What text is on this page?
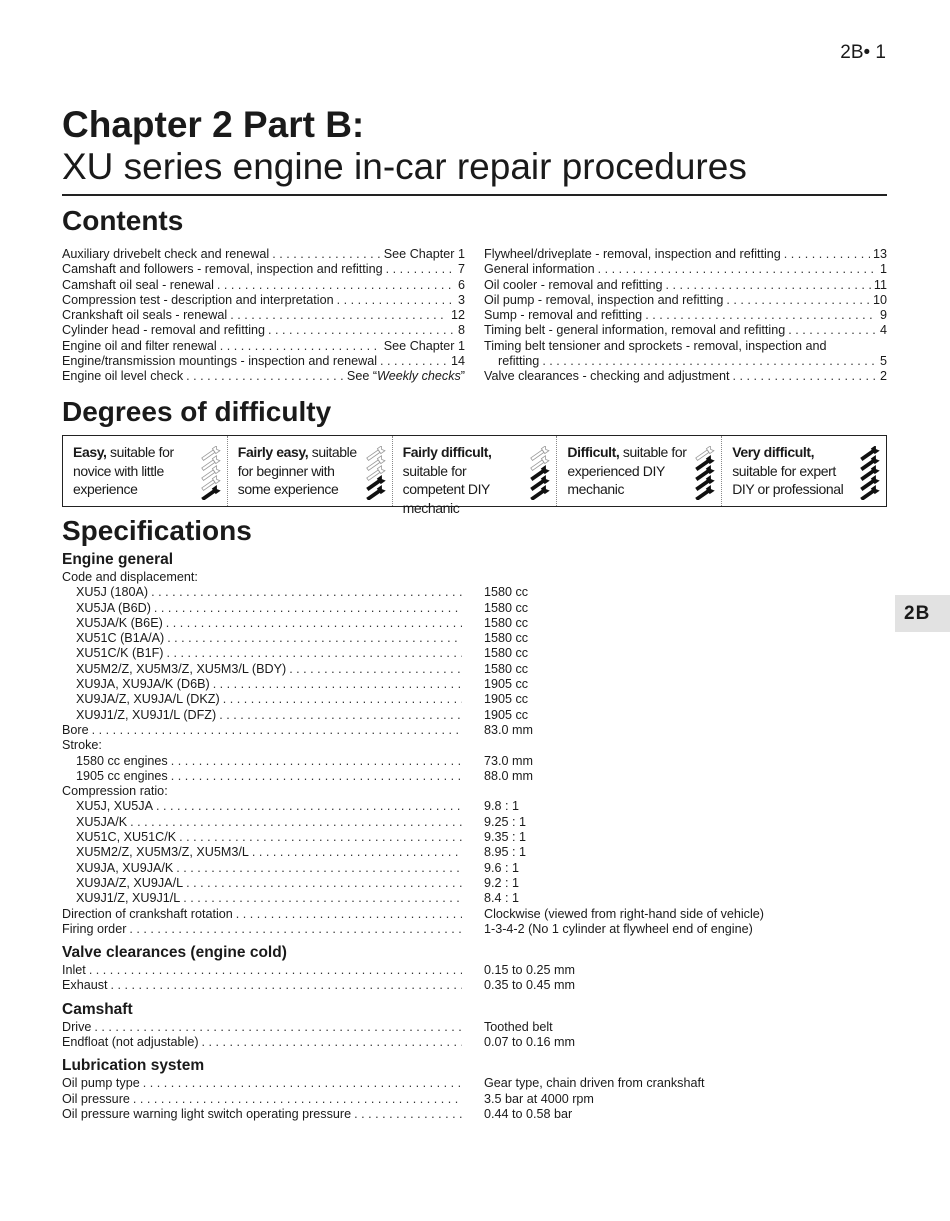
2B• 1
Chapter 2 Part B:
XU series engine in-car repair procedures
Contents
Auxiliary drivebelt check and renewal . . .	See Chapter 1
Camshaft and followers - removal, inspection and refitting . . .	7
Camshaft oil seal - renewal . . .	6
Compression test - description and interpretation . . .	3
Crankshaft oil seals - renewal . . .	12
Cylinder head - removal and refitting . . .	8
Engine oil and filter renewal . . .	See Chapter 1
Engine/transmission mountings - inspection and renewal . . .	14
Engine oil level check . . .	See “Weekly checks”
Flywheel/driveplate - removal, inspection and refitting . . .	13
General information . . .	1
Oil cooler - removal and refitting . . .	11
Oil pump - removal, inspection and refitting . . .	10
Sump - removal and refitting . . .	9
Timing belt - general information, removal and refitting . . .	4
Timing belt tensioner and sprockets - removal, inspection and
refitting . . .	5
Valve clearances - checking and adjustment . . .	2
Degrees of difficulty
Easy, suitable for novice with little experience
Fairly easy, suitable for beginner with some experience
Fairly difficult, suitable for competent DIY mechanic
Difficult, suitable for experienced DIY mechanic
Very difficult, suitable for expert DIY or professional
Specifications
Engine general
Code and displacement:
XU5J (180A) . . .	1580 cc
XU5JA (B6D) . . .	1580 cc
XU5JA/K (B6E) . . .	1580 cc
XU51C (B1A/A) . . .	1580 cc
XU51C/K (B1F) . . .	1580 cc
XU5M2/Z, XU5M3/Z, XU5M3/L (BDY) . . .	1580 cc
XU9JA, XU9JA/K (D6B) . . .	1905 cc
XU9JA/Z, XU9JA/L (DKZ) . . .	1905 cc
XU9J1/Z, XU9J1/L (DFZ) . . .	1905 cc
Bore . . .	83.0 mm
Stroke:
1580 cc engines . . .	73.0 mm
1905 cc engines . . .	88.0 mm
Compression ratio:
XU5J, XU5JA . . .	9.8 : 1
XU5JA/K . . .	9.25 : 1
XU51C, XU51C/K . . .	9.35 : 1
XU5M2/Z, XU5M3/Z, XU5M3/L . . .	8.95 : 1
XU9JA, XU9JA/K . . .	9.6 : 1
XU9JA/Z, XU9JA/L . . .	9.2 : 1
XU9J1/Z, XU9J1/L . . .	8.4 : 1
Direction of crankshaft rotation . . .	Clockwise (viewed from right-hand side of vehicle)
Firing order . . .	1-3-4-2 (No 1 cylinder at flywheel end of engine)
Valve clearances (engine cold)
Inlet . . .	0.15 to 0.25 mm
Exhaust . . .	0.35 to 0.45 mm
Camshaft
Drive . . .	Toothed belt
Endfloat (not adjustable) . . .	0.07 to 0.16 mm
Lubrication system
Oil pump type . . .	Gear type, chain driven from crankshaft
Oil pressure . . .	3.5 bar at 4000 rpm
Oil pressure warning light switch operating pressure . . .	0.44 to 0.58 bar
2B
